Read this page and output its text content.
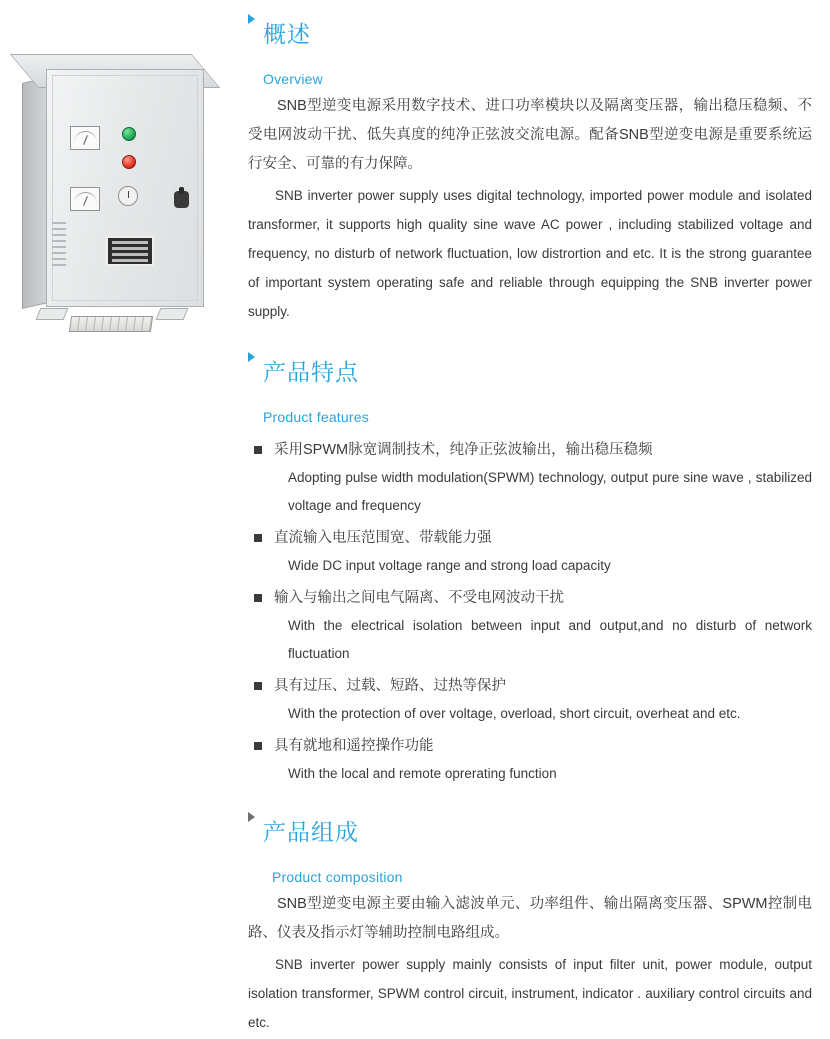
概述
Overview

SNB型逆变电源采用数字技术、进口功率模块以及隔离变压器，输出稳压稳频、不受电网波动干扰、低失真度的纯净正弦波交流电源。配备SNB型逆变电源是重要系统运行安全、可靠的有力保障。

SNB inverter power supply uses digital technology, imported power module and isolated transformer, it supports high quality sine wave AC power , including stabilized voltage and frequency, no disturb of network fluctuation, low distrortion and etc. It is the strong guarantee of important system operating safe and reliable through equipping the SNB inverter power supply.

产品特点
Product features
采用SPWM脉宽调制技术，纯净正弦波输出，输出稳压稳频
Adopting pulse width modulation(SPWM) technology, output pure sine wave , stabilized voltage and frequency
直流输入电压范围宽、带载能力强
Wide DC input voltage range and strong load capacity
输入与输出之间电气隔离、不受电网波动干扰
With the electrical isolation between input and output,and no disturb of network fluctuation
具有过压、过载、短路、过热等保护
With the protection of over voltage, overload, short circuit, overheat and etc.
具有就地和遥控操作功能
With the local and remote oprerating function
产品组成
Product composition

SNB型逆变电源主要由输入滤波单元、功率组件、输出隔离变压器、SPWM控制电路、仪表及指示灯等辅助控制电路组成。

SNB inverter power supply mainly consists of input filter unit, power module, output isolation transformer, SPWM control circuit, instrument, indicator . auxiliary control circuits and etc.
